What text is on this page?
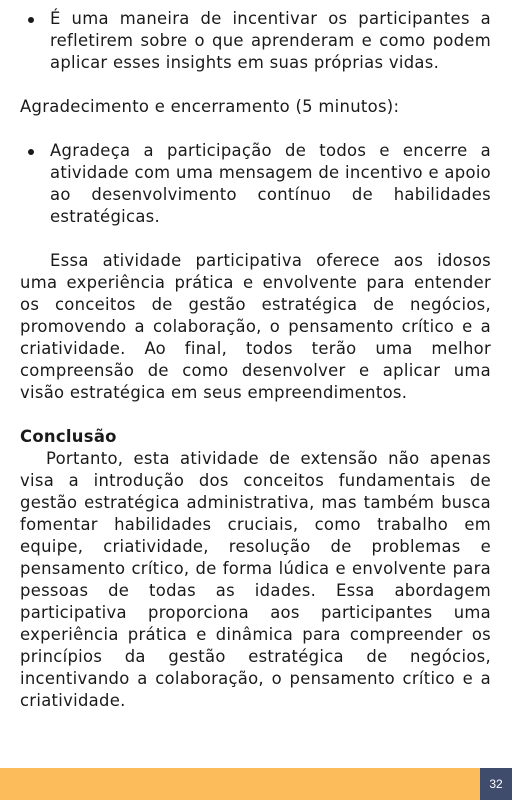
É uma maneira de incentivar os participantes a refletirem sobre o que aprenderam e como podem aplicar esses insights em suas próprias vidas.

Agradecimento e encerramento (5 minutos):

Agradeça a participação de todos e encerre a atividade com uma mensagem de incentivo e apoio ao desenvolvimento contínuo de habilidades estratégicas.

Essa atividade participativa oferece aos idosos uma experiência prática e envolvente para entender os conceitos de gestão estratégica de negócios, promovendo a colaboração, o pensamento crítico e a criatividade. Ao final, todos terão uma melhor compreensão de como desenvolver e aplicar uma visão estratégica em seus empreendimentos.

Conclusão

Portanto, esta atividade de extensão não apenas visa a introdução dos conceitos fundamentais de gestão estratégica administrativa, mas também busca fomentar habilidades cruciais, como trabalho em equipe, criatividade, resolução de problemas e pensamento crítico, de forma lúdica e envolvente para pessoas de todas as idades. Essa abordagem participativa proporciona aos participantes uma experiência prática e dinâmica para compreender os princípios da gestão estratégica de negócios, incentivando a colaboração, o pensamento crítico e a criatividade.

32
